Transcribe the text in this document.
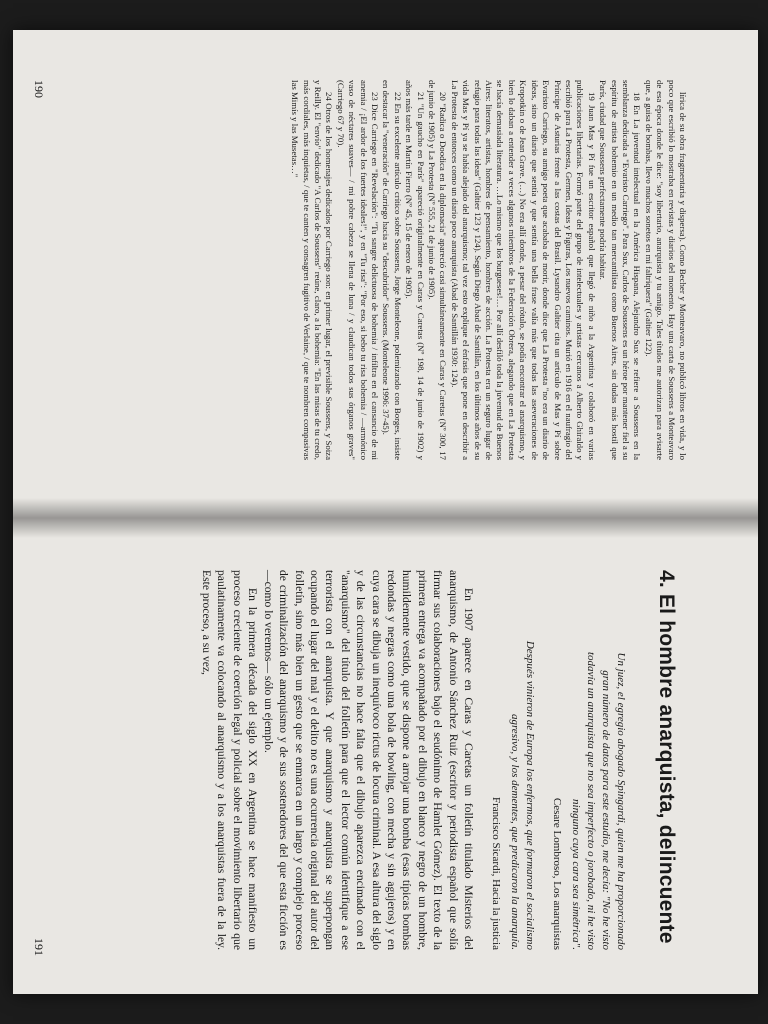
lírica de su obra fragmentaria y dispersa). Como Becher y Monteavaro, no publicó libros en vida, y lo poco que escribió lo mostraba en revistas y diarios del momento. Hay una carta de Soussens a Monteavaro de esa época donde le dice: "soy libertario, anarquista y tu amigo. Tales títulos me autorizan para avisarte que, a guisa de bombas, llevo muchos sonetos en mi faltriquera" (Galtier 122).

18 En La juventud intelectual en la América Hispana, Alejandro Sux se refiere a Soussens en la semblanza dedicada a "Evaristo Carriego". Para Sux, Carlos de Soussens es un héroe por mantener fiel a su espíritu de artista bohemio en un medio tan mercantilista como Buenos Aires, sin dudas más hostil que París, ciudad que Soussens perfectamente podría habitar.

19 Juan Mas y Pí fue un escritor español que llegó de niño a la Argentina y colaboró en varias publicaciones libertarias. Formó parte del grupo de intelectuales y artistas cercanos a Alberto Ghiraldo y escribió para La Protesta, Germen, Ideas y Figuras, Los nuevos caminos. Murió en 1916 en el naufragio del Príncipe de Asturias frente a las costas del Brasil. Lysandro Galtier cita un artículo de Mas y Pí sobre Evaristo Carriego, su amigo poeta que acababa de morir, donde dice que La Protesta "no era un diario de ideas, sino un diario que sentía y que sentía una bella frase valía más que todas las aseveraciones de Kropotkin o de Jean Grave. (…) No era allí donde, a pesar del rótulo, se podía encontrar el anarquismo, y bien lo daban a entender a veces algunos miembros de la Federación Obrera, alegando que en La Protesta se hacía demasiada literatura. …Lo mismo que los burgueses!… Por allí desfiló toda la juventud de Buenos Aires: literatos, artistas, hombres de pensamiento, hombres de acción. La Protesta era un seguro lugar de refugio para todas las ideas" (Galtier 123 y 124). Según Diego Abad de Santillán, en los últimos años de su vida Mas y Pí ya se había alejado del anarquismo; tal vez esto explique el énfasis que pone en describir a La Protesta de entonces como un diario poco anarquista (Abad de Santillán 1930: 124).

20 "Radica o Doodica en la diplomacia" apareció casi simultáneamente en Caras y Caretas (Nº 300, 17 de junio de 1905) y La Protesta (Nº 555, 21 de junio de 1905).

21 "Un gaucho en París" apareció originalmente en Caras y Caretas (Nº 198, 14 de junio de 1902) y años más tarde en Martín Fierro (Nº 45, 15 de enero de 1905).

22 En su excelente artículo crítico sobre Soussens, Jorge Monteleone, polemizando con Borges, insiste en destacar la "veneración" de Carriego hacia su "descubridor" Soussens. (Monteleone 1996: 37-45).

23 Dice Carriego en "Revelación": "Tu sangre delictuosa de bohemia / infiltra en el cansancio de mi anemia / ¡El ardor de los fuertes ideales!", y en "Tu risa": "Por eso, si bebo tu risa bohemia / —armónico vaso de néctares suaves— / mi pobre cabeza se llena de luna / y claudican todos sus órganos graves" (Carriego 67 y 70).

24 Otros de los homenajes dedicados por Carriego son: en primer lugar, el previsible Soussens, y Soiza y Reilly. El "envío" dedicado "A Carlos de Soussens" reúne, claro, a la bohemia: "En las misas de tu credo, más cordiales, más inquietas, / que te canten y consagren fugitivo de Verlaine, / que te nombren compasivas las Mimís y las Musetas…"

190
4. El hombre anarquista, delincuente

Un juez, el egregio abogado Spingardi, quien me ha proporcionado gran número de datos para este estudio, me decía: "No he visto todavía un anarquista que no sea imperfecto o jorobado, ni he visto ninguno cuya cara sea simétrica".

Cesare Lombroso, Los anarquistas

Después vinieron de Europa los enfermos, que formaron el socialismo agresivo, y los dementes, que predicaron la anarquía.

Francisco Sicardi, Hacia la justicia

En 1907 aparece en Caras y Caretas un folletín titulado Misterios del anarquismo, de Antonio Sánchez Ruiz (escritor y periodista español que solía firmar sus colaboraciones bajo el seudónimo de Hamlet Gómez). El texto de la primera entrega va acompañado por el dibujo en blanco y negro de un hombre, humildemente vestido, que se dispone a arrojar una bomba (esas típicas bombas redondas y negras como una bola de bowling, con mecha y sin agujeros) y en cuya cara se dibuja un inequívoco rictus de locura criminal. A esa altura del siglo y de las circunstancias no hace falta que el dibujo aparezca encimado con el "anarquismo" del título del folletín para que el lector común identifique a ese terrorista con el anarquista. Y que anarquismo y anarquista se superpongan ocupando el lugar del mal y el delito no es una ocurrencia original del autor del folletín, sino más bien un gesto que se enmarca en un largo y complejo proceso de criminalización del anarquismo y de sus sostenedores del que esta ficción es —como lo veremos— sólo un ejemplo.

En la primera década del siglo XX en Argentina se hace manifiesto un proceso creciente de coerción legal y policial sobre el movimiento libertario que paulatinamente va colocando al anarquismo y a los anarquistas fuera de la ley. Este proceso, a su vez,

191
